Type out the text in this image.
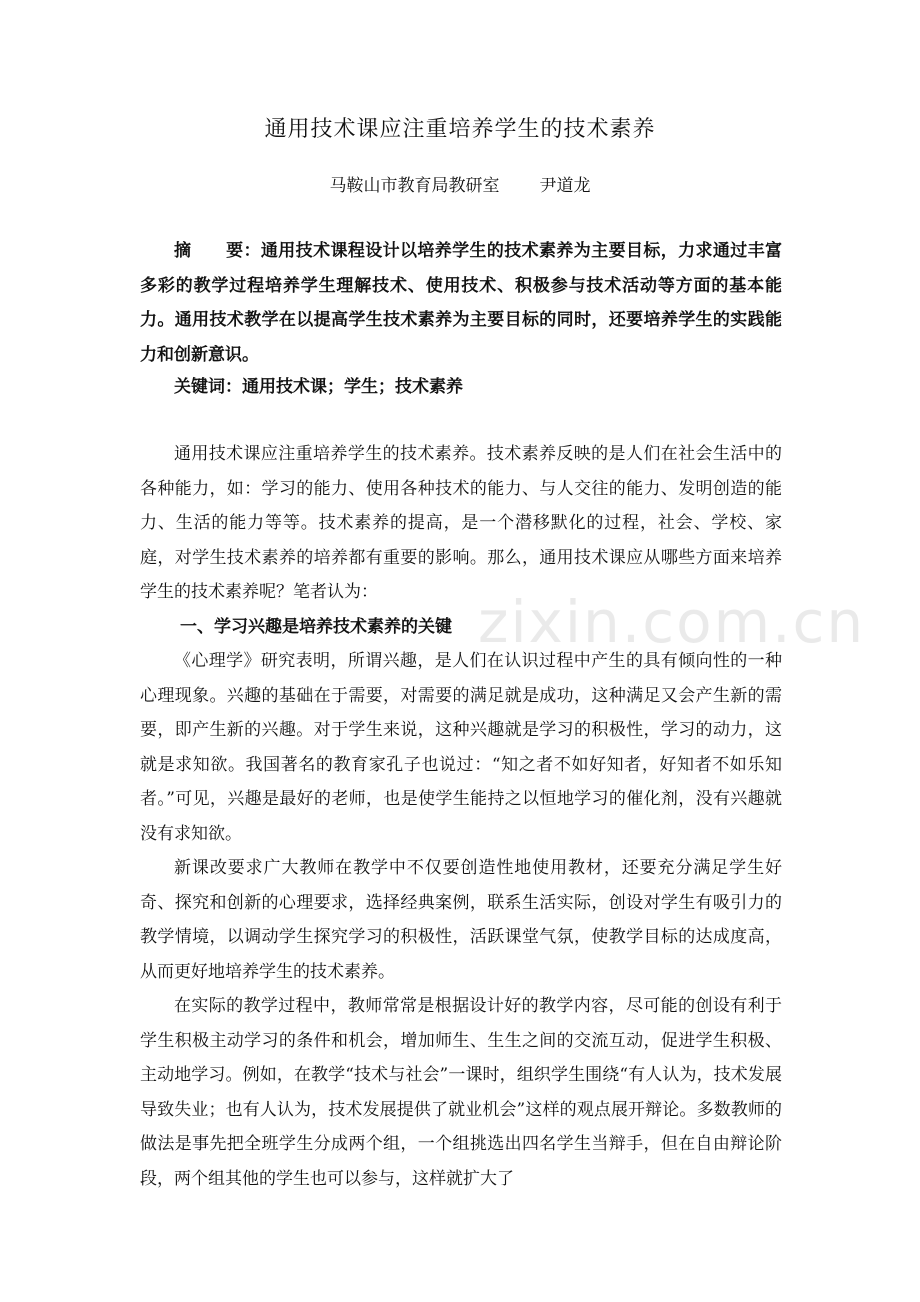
通用技术课应注重培养学生的技术素养
马鞍山市教育局教研室 尹道龙

摘　　要：通用技术课程设计以培养学生的技术素养为主要目标，力求通过丰富多彩的教学过程培养学生理解技术、使用技术、积极参与技术活动等方面的基本能力。通用技术教学在以提高学生技术素养为主要目标的同时，还要培养学生的实践能力和创新意识。

关键词：通用技术课；学生；技术素养

通用技术课应注重培养学生的技术素养。技术素养反映的是人们在社会生活中的各种能力，如：学习的能力、使用各种技术的能力、与人交往的能力、发明创造的能力、生活的能力等等。技术素养的提高，是一个潜移默化的过程，社会、学校、家庭，对学生技术素养的培养都有重要的影响。那么，通用技术课应从哪些方面来培养学生的技术素养呢？笔者认为：

一、学习兴趣是培养技术素养的关键

《心理学》研究表明，所谓兴趣，是人们在认识过程中产生的具有倾向性的一种心理现象。兴趣的基础在于需要，对需要的满足就是成功，这种满足又会产生新的需要，即产生新的兴趣。对于学生来说，这种兴趣就是学习的积极性，学习的动力，这就是求知欲。我国著名的教育家孔子也说过：“知之者不如好知者，好知者不如乐知者。”可见，兴趣是最好的老师，也是使学生能持之以恒地学习的催化剂，没有兴趣就没有求知欲。

新课改要求广大教师在教学中不仅要创造性地使用教材，还要充分满足学生好奇、探究和创新的心理要求，选择经典案例，联系生活实际，创设对学生有吸引力的教学情境，以调动学生探究学习的积极性，活跃课堂气氛，使教学目标的达成度高，从而更好地培养学生的技术素养。

在实际的教学过程中，教师常常是根据设计好的教学内容，尽可能的创设有利于学生积极主动学习的条件和机会，增加师生、生生之间的交流互动，促进学生积极、主动地学习。例如，在教学“技术与社会”一课时，组织学生围绕“有人认为，技术发展导致失业；也有人认为，技术发展提供了就业机会”这样的观点展开辩论。多数教师的做法是事先把全班学生分成两个组，一个组挑选出四名学生当辩手，但在自由辩论阶段，两个组其他的学生也可以参与，这样就扩大了

zixin.com.cn
